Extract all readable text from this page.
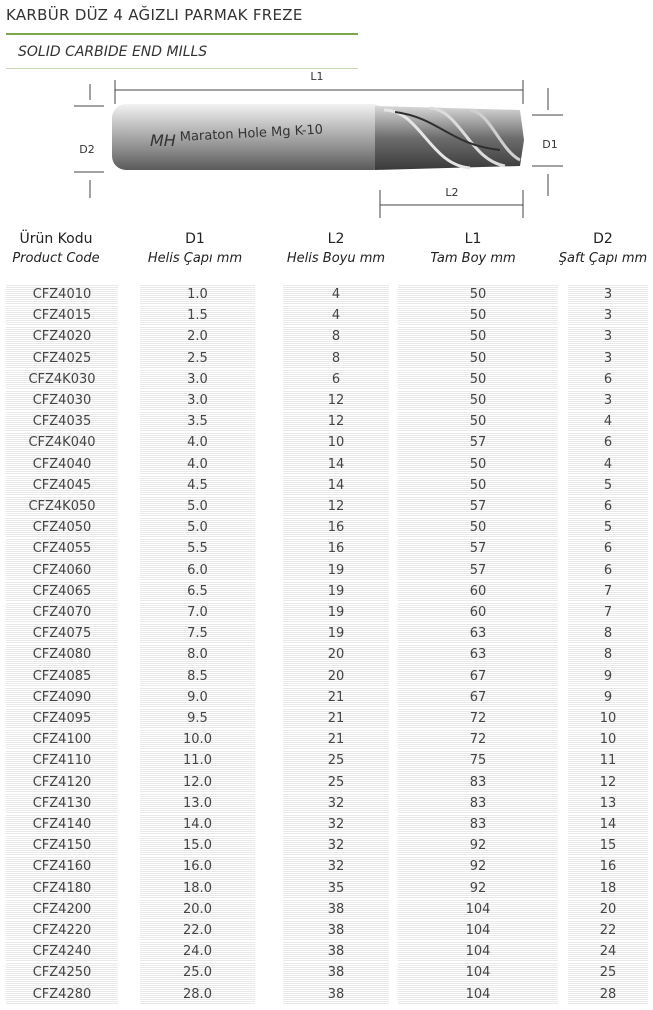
KARBÜR DÜZ 4 AĞIZLI PARMAK FREZE
SOLID CARBIDE END MILLS
L1
D2	MH Maraton Hole Mg K-10	D1
L2
Ürün Kodu
Product Code
D1
Helis Çapı mm
L2
Helis Boyu mm
L1
Tam Boy mm
D2
Şaft Çapı mm
CFZ4010	1.0	4	50	3
CFZ4015	1.5	4	50	3
CFZ4020	2.0	8	50	3
CFZ4025	2.5	8	50	3
CFZ4K030	3.0	6	50	6
CFZ4030	3.0	12	50	3
CFZ4035	3.5	12	50	4
CFZ4K040	4.0	10	57	6
CFZ4040	4.0	14	50	4
CFZ4045	4.5	14	50	5
CFZ4K050	5.0	12	57	6
CFZ4050	5.0	16	50	5
CFZ4055	5.5	16	57	6
CFZ4060	6.0	19	57	6
CFZ4065	6.5	19	60	7
CFZ4070	7.0	19	60	7
CFZ4075	7.5	19	63	8
CFZ4080	8.0	20	63	8
CFZ4085	8.5	20	67	9
CFZ4090	9.0	21	67	9
CFZ4095	9.5	21	72	10
CFZ4100	10.0	21	72	10
CFZ4110	11.0	25	75	11
CFZ4120	12.0	25	83	12
CFZ4130	13.0	32	83	13
CFZ4140	14.0	32	83	14
CFZ4150	15.0	32	92	15
CFZ4160	16.0	32	92	16
CFZ4180	18.0	35	92	18
CFZ4200	20.0	38	104	20
CFZ4220	22.0	38	104	22
CFZ4240	24.0	38	104	24
CFZ4250	25.0	38	104	25
CFZ4280	28.0	38	104	28
